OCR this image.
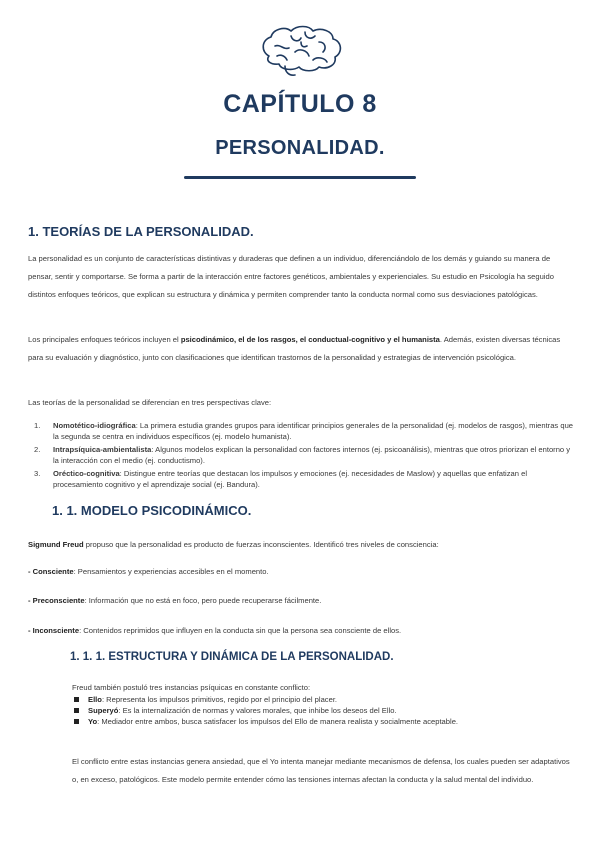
CAPÍTULO 8
PERSONALIDAD.
1. TEORÍAS DE LA PERSONALIDAD.

La personalidad es un conjunto de características distintivas y duraderas que definen a un individuo, diferenciándolo de los demás y guiando su manera de pensar, sentir y comportarse. Se forma a partir de la interacción entre factores genéticos, ambientales y experienciales. Su estudio en Psicología ha seguido distintos enfoques teóricos, que explican su estructura y dinámica y permiten comprender tanto la conducta normal como sus desviaciones patológicas.

Los principales enfoques teóricos incluyen el psicodinámico, el de los rasgos, el conductual-cognitivo y el humanista. Además, existen diversas técnicas para su evaluación y diagnóstico, junto con clasificaciones que identifican trastornos de la personalidad y estrategias de intervención psicológica.

Las teorías de la personalidad se diferencian en tres perspectivas clave:

1. Nomotético-idiográfica: La primera estudia grandes grupos para identificar principios generales de la personalidad (ej. modelos de rasgos), mientras que la segunda se centra en individuos específicos (ej. modelo humanista).
2. Intrapsíquica-ambientalista: Algunos modelos explican la personalidad con factores internos (ej. psicoanálisis), mientras que otros priorizan el entorno y la interacción con el medio (ej. conductismo).
3. Oréctico-cognitiva: Distingue entre teorías que destacan los impulsos y emociones (ej. necesidades de Maslow) y aquellas que enfatizan el procesamiento cognitivo y el aprendizaje social (ej. Bandura).
1. 1. MODELO PSICODINÁMICO.

Sigmund Freud propuso que la personalidad es producto de fuerzas inconscientes. Identificó tres niveles de consciencia:

- Consciente: Pensamientos y experiencias accesibles en el momento.

- Preconsciente: Información que no está en foco, pero puede recuperarse fácilmente.

- Inconsciente: Contenidos reprimidos que influyen en la conducta sin que la persona sea consciente de ellos.

1. 1. 1. ESTRUCTURA Y DINÁMICA DE LA PERSONALIDAD.

Freud también postuló tres instancias psíquicas en constante conflicto:

Ello: Representa los impulsos primitivos, regido por el principio del placer.
Superyó: Es la internalización de normas y valores morales, que inhibe los deseos del Ello.
Yo: Mediador entre ambos, busca satisfacer los impulsos del Ello de manera realista y socialmente aceptable.

El conflicto entre estas instancias genera ansiedad, que el Yo intenta manejar mediante mecanismos de defensa, los cuales pueden ser adaptativos o, en exceso, patológicos. Este modelo permite entender cómo las tensiones internas afectan la conducta y la salud mental del individuo.
